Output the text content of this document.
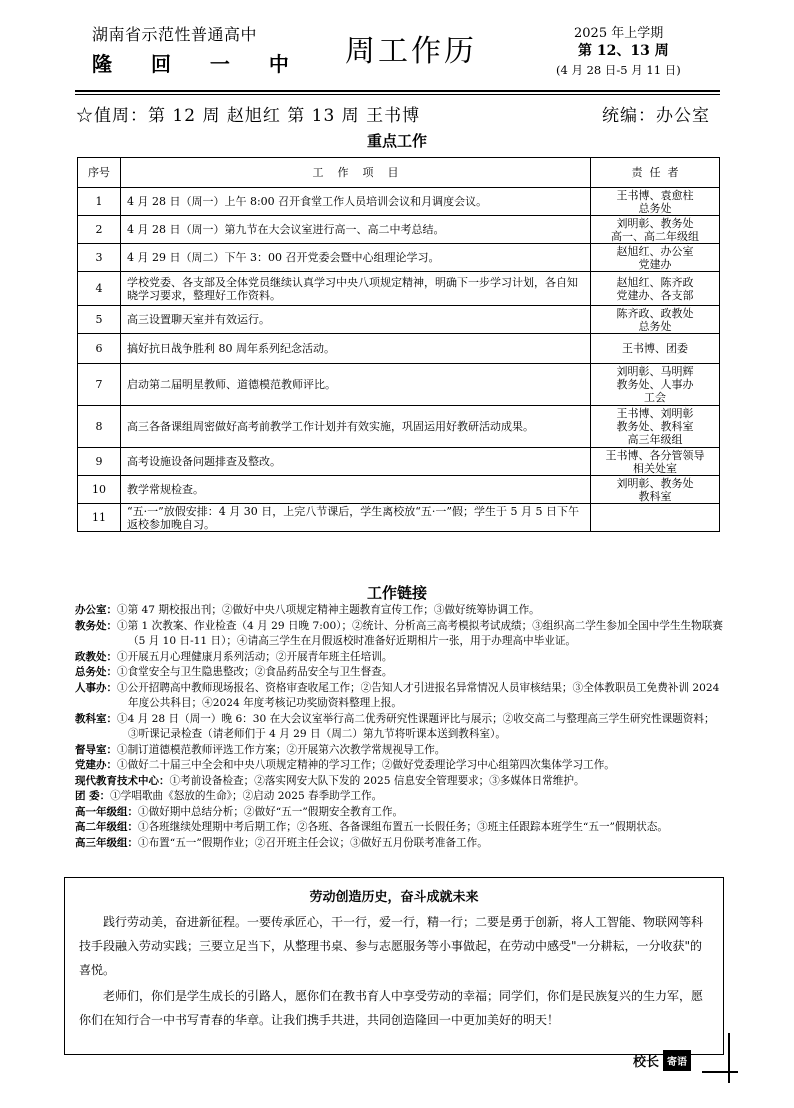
湖南省示范性普通高中
隆 回 一 中 周工作历
2025 年上学期
第 12、13 周
(4 月 28 日-5 月 11 日)
☆值周：第 12 周 赵旭红 第 13 周 王书博	统编：办公室
重点工作
序号	工    作    项    目	责  任  者
1	4 月 28 日（周一）上午 8:00 召开食堂工作人员培训会议和月调度会议。	王书博、袁愈柱
总务处
2	4 月 28 日（周一）第九节在大会议室进行高一、高二中考总结。	刘明彰、教务处
高一、高二年级组
3	4 月 29 日（周二）下午 3：00 召开党委会暨中心组理论学习。	赵旭红、办公室
党建办
4	学校党委、各支部及全体党员继续认真学习中央八项规定精神，明确下一步学习计划，各自知晓学习要求，整理好工作资料。	赵旭红、陈齐政
党建办、各支部
5	高三设置聊天室并有效运行。	陈齐政、政教处
总务处
6	搞好抗日战争胜利 80 周年系列纪念活动。	王书博、团委
7	启动第二届明星教师、道德模范教师评比。	刘明彰、马明辉
教务处、人事办
工会
8	高三各备课组周密做好高考前教学工作计划并有效实施，巩固运用好教研活动成果。	王书博、刘明彰
教务处、教科室
高三年级组
9	高考设施设备问题排查及整改。	王书博、各分管领导
相关处室
10	教学常规检查。	刘明彰、教务处
教科室
11	“五·一”放假安排：4 月 30 日，上完八节课后，学生离校放“五·一”假；学生于 5 月 5 日下午返校参加晚自习。	
工作链接

办公室：①第 47 期校报出刊；②做好中央八项规定精神主题教育宣传工作；③做好统筹协调工作。

教务处：①第 1 次教案、作业检查（4 月 29 日晚 7:00）；②统计、分析高三高考模拟考试成绩；③组织高二学生参加全国中学生生物联赛（5 月 10 日-11 日）；④请高三学生在月假返校时准备好近期相片一张，用于办理高中毕业证。

政教处：①开展五月心理健康月系列活动；②开展青年班主任培训。

总务处：①食堂安全与卫生隐患整改；②食品药品安全与卫生督查。

人事办：①公开招聘高中教师现场报名、资格审查收尾工作；②告知人才引进报名异常情况人员审核结果；③全体教职员工免费补训 2024 年度公共科目；④2024 年度考核记功奖励资料整理上报。

教科室：①4 月 28 日（周一）晚 6：30 在大会议室举行高二优秀研究性课题评比与展示；②收交高二与整理高三学生研究性课题资料；③听课记录检查（请老师们于 4 月 29 日（周二）第九节将听课本送到教科室）。

督导室：①制订道德模范教师评选工作方案；②开展第六次教学常规视导工作。

党建办：①做好二十届三中全会和中央八项规定精神的学习工作；②做好党委理论学习中心组第四次集体学习工作。

现代教育技术中心：①考前设备检查；②落实网安大队下发的 2025 信息安全管理要求；③多媒体日常维护。

团 委：①学唱歌曲《怒放的生命》；②启动 2025 春季助学工作。

高一年级组：①做好期中总结分析；②做好“五一”假期安全教育工作。

高二年级组：①各班继续处理期中考后期工作；②各班、各备课组布置五一长假任务；③班主任跟踪本班学生“五一”假期状态。

高三年级组：①布置“五一”假期作业；②召开班主任会议；③做好五月份联考准备工作。

劳动创造历史，奋斗成就未来

践行劳动美，奋进新征程。一要传承匠心，干一行，爱一行，精一行；二要是勇于创新，将人工智能、物联网等科技手段融入劳动实践；三要立足当下，从整理书桌、参与志愿服务等小事做起，在劳动中感受"一分耕耘，一分收获"的喜悦。

老师们，你们是学生成长的引路人，愿你们在教书育人中享受劳动的幸福；同学们，你们是民族复兴的生力军，愿你们在知行合一中书写青春的华章。让我们携手共进，共同创造隆回一中更加美好的明天！

校长 寄语
